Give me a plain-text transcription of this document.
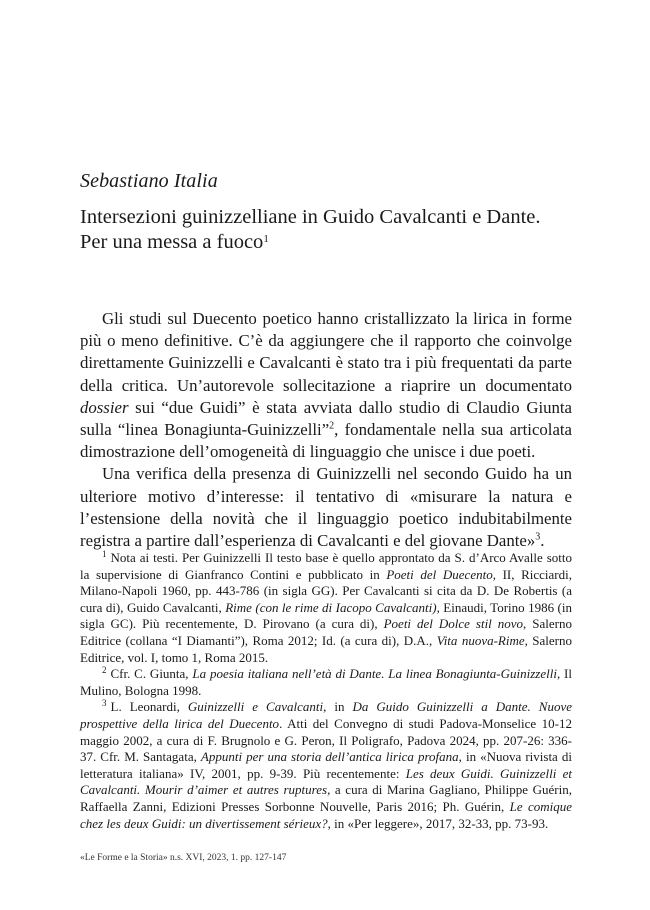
Sebastiano Italia
Intersezioni guinizzelliane in Guido Cavalcanti e Dante.
Per una messa a fuoco$^1$

Gli studi sul Duecento poetico hanno cristallizzato la lirica in forme più o meno definitive. C’è da aggiungere che il rapporto che coinvolge direttamente Guinizzelli e Cavalcanti è stato tra i più frequentati da parte della critica. Un’autorevole sollecitazione a riaprire un documentato dossier sui “due Guidi” è stata avviata dallo studio di Claudio Giunta sulla “linea Bonagiunta-Guinizzelli”$^2$, fondamentale nella sua articolata dimostrazione dell’omogeneità di linguaggio che unisce i due poeti.

Una verifica della presenza di Guinizzelli nel secondo Guido ha un ulteriore motivo d’interesse: il tentativo di «misurare la natura e l’estensione della novità che il linguaggio poetico indubitabilmente registra a partire dall’esperienza di Cavalcanti e del giovane Dante»$^3$.

$^1$ Nota ai testi. Per Guinizzelli Il testo base è quello approntato da S. d’Arco Avalle sotto la supervisione di Gianfranco Contini e pubblicato in Poeti del Duecento, II, Ricciardi, Milano-Napoli 1960, pp. 443-786 (in sigla GG). Per Cavalcanti si cita da D. De Robertis (a cura di), Guido Cavalcanti, Rime (con le rime di Iacopo Cavalcanti), Einaudi, Torino 1986 (in sigla GC). Più recentemente, D. Pirovano (a cura di), Poeti del Dolce stil novo, Salerno Editrice (collana “I Diamanti”), Roma 2012; Id. (a cura di), D.A., Vita nuova-Rime, Salerno Editrice, vol. I, tomo 1, Roma 2015.

$^2$ Cfr. C. Giunta, La poesia italiana nell’età di Dante. La linea Bonagiunta-Guinizzelli, Il Mulino, Bologna 1998.

$^3$ L. Leonardi, Guinizzelli e Cavalcanti, in Da Guido Guinizzelli a Dante. Nuove prospettive della lirica del Duecento. Atti del Convegno di studi Padova-Monselice 10-12 maggio 2002, a cura di F. Brugnolo e G. Peron, Il Poligrafo, Padova 2024, pp. 207-26: 336-37. Cfr. M. Santagata, Appunti per una storia dell’antica lirica profana, in «Nuova rivista di letteratura italiana» IV, 2001, pp. 9-39. Più recentemente: Les deux Guidi. Guinizzelli et Cavalcanti. Mourir d’aimer et autres ruptures, a cura di Marina Gagliano, Philippe Guérin, Raffaella Zanni, Edizioni Presses Sorbonne Nouvelle, Paris 2016; Ph. Guérin, Le comique chez les deux Guidi: un divertissement sérieux?, in «Per leggere», 2017, 32-33, pp. 73-93.

«Le Forme e la Storia» n.s. XVI, 2023, 1. pp. 127-147
